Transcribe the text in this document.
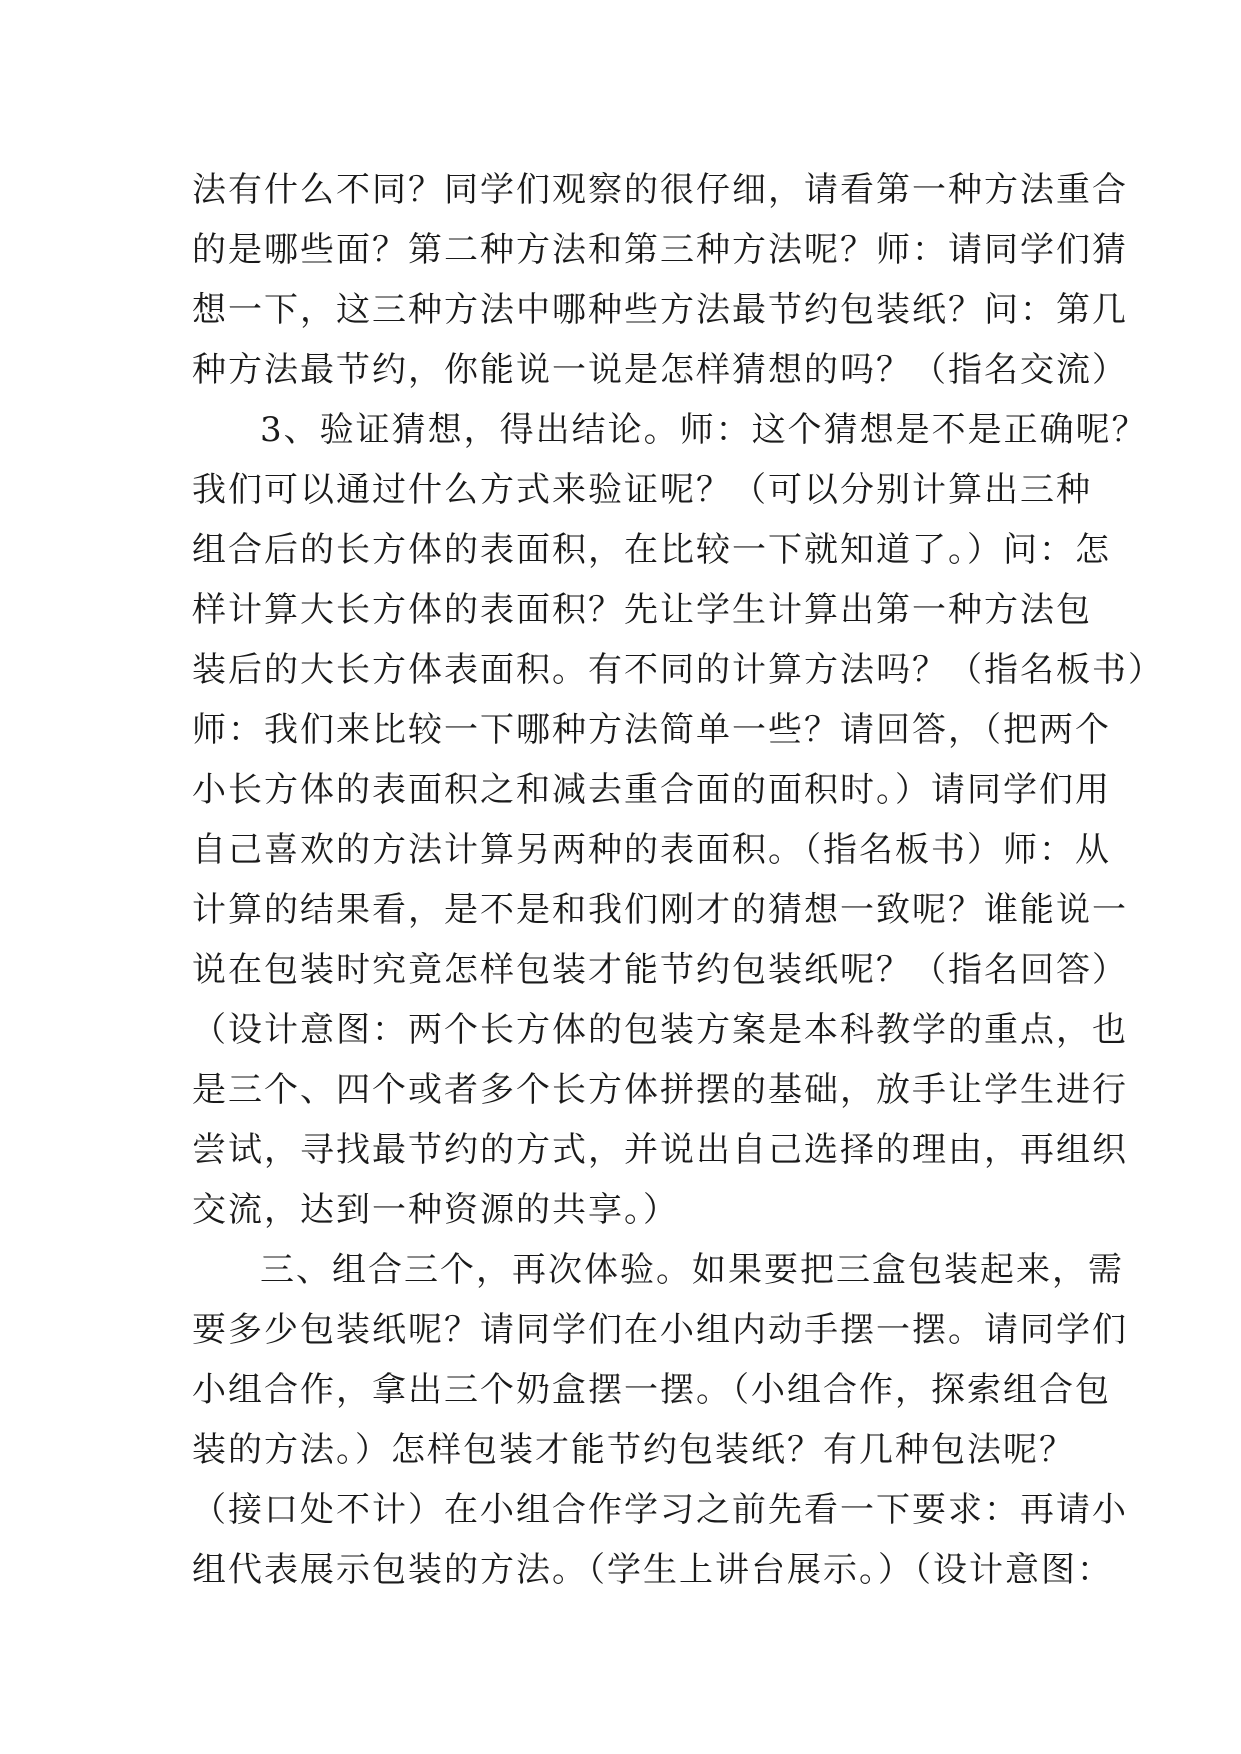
法有什么不同？同学们观察的很仔细，请看第一种方法重合
的是哪些面？第二种方法和第三种方法呢？师：请同学们猜
想一下，这三种方法中哪种些方法最节约包装纸？问：第几
种方法最节约，你能说一说是怎样猜想的吗？（指名交流）
3、验证猜想，得出结论。师：这个猜想是不是正确呢？
我们可以通过什么方式来验证呢？（可以分别计算出三种
组合后的长方体的表面积，在比较一下就知道了。）问：怎
样计算大长方体的表面积？先让学生计算出第一种方法包
装后的大长方体表面积。有不同的计算方法吗？（指名板书）
师：我们来比较一下哪种方法简单一些？请回答，（把两个
小长方体的表面积之和减去重合面的面积时。）请同学们用
自己喜欢的方法计算另两种的表面积。（指名板书）师：从
计算的结果看，是不是和我们刚才的猜想一致呢？谁能说一
说在包装时究竟怎样包装才能节约包装纸呢？（指名回答）
（设计意图：两个长方体的包装方案是本科教学的重点，也
是三个、四个或者多个长方体拼摆的基础，放手让学生进行
尝试，寻找最节约的方式，并说出自己选择的理由，再组织
交流，达到一种资源的共享。）
三、组合三个，再次体验。如果要把三盒包装起来，需
要多少包装纸呢？请同学们在小组内动手摆一摆。请同学们
小组合作，拿出三个奶盒摆一摆。（小组合作，探索组合包
装的方法。）怎样包装才能节约包装纸？有几种包法呢？
（接口处不计）在小组合作学习之前先看一下要求：再请小
组代表展示包装的方法。（学生上讲台展示。）（设计意图：
